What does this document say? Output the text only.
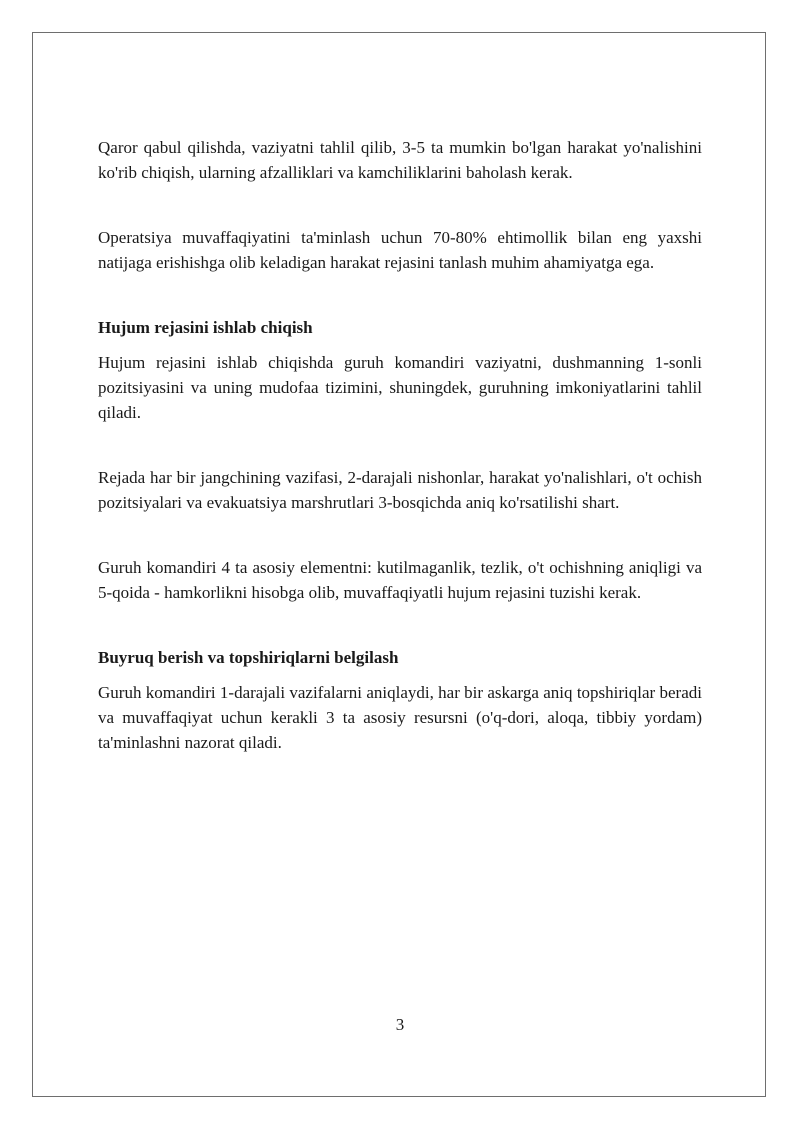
Qaror qabul qilishda, vaziyatni tahlil qilib, 3-5 ta mumkin bo'lgan harakat yo'nalishini ko'rib chiqish, ularning afzalliklari va kamchiliklarini baholash kerak.

Operatsiya muvaffaqiyatini ta'minlash uchun 70-80% ehtimollik bilan eng yaxshi natijaga erishishga olib keladigan harakat rejasini tanlash muhim ahamiyatga ega.

Hujum rejasini ishlab chiqish

Hujum rejasini ishlab chiqishda guruh komandiri vaziyatni, dushmanning 1-sonli pozitsiyasini va uning mudofaa tizimini, shuningdek, guruhning imkoniyatlarini tahlil qiladi.

Rejada har bir jangchining vazifasi, 2-darajali nishonlar, harakat yo'nalishlari, o't ochish pozitsiyalari va evakuatsiya marshrutlari 3-bosqichda aniq ko'rsatilishi shart.

Guruh komandiri 4 ta asosiy elementni: kutilmaganlik, tezlik, o't ochishning aniqligi va 5-qoida - hamkorlikni hisobga olib, muvaffaqiyatli hujum rejasini tuzishi kerak.

Buyruq berish va topshiriqlarni belgilash

Guruh komandiri 1-darajali vazifalarni aniqlaydi, har bir askarga aniq topshiriqlar beradi va muvaffaqiyat uchun kerakli 3 ta asosiy resursni (o'q-dori, aloqa, tibbiy yordam) ta'minlashni nazorat qiladi.

3
